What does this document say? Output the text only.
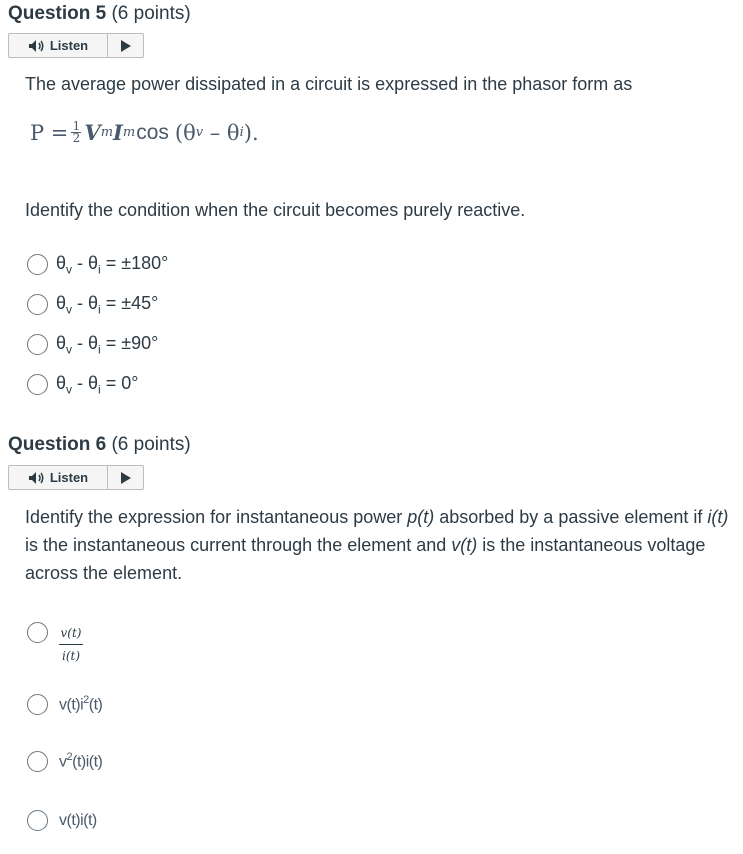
Question 5 (6 points)
Listen
The average power dissipated in a circuit is expressed in the phasor form as
$P = \frac{1}{2}$ V m I m cos (θ v – θ i ).
Identify the condition when the circuit becomes purely reactive.
$\theta_v - \theta_i = \pm 180^\circ$
$\theta_v - \theta_i = \pm 45^\circ$
$\theta_v - \theta_i = \pm 90^\circ$
$\theta_v - \theta_i = 0^\circ$
Question 6 (6 points)
Listen
Identify the expression for instantaneous power p(t) absorbed by a passive element if i(t) is the instantaneous current through the element and v(t) is the instantaneous voltage across the element.
$\frac{v(t)}{i(t)}$
$v(t)i^2(t)$
$v^2(t)i(t)$
v(t)i(t)
